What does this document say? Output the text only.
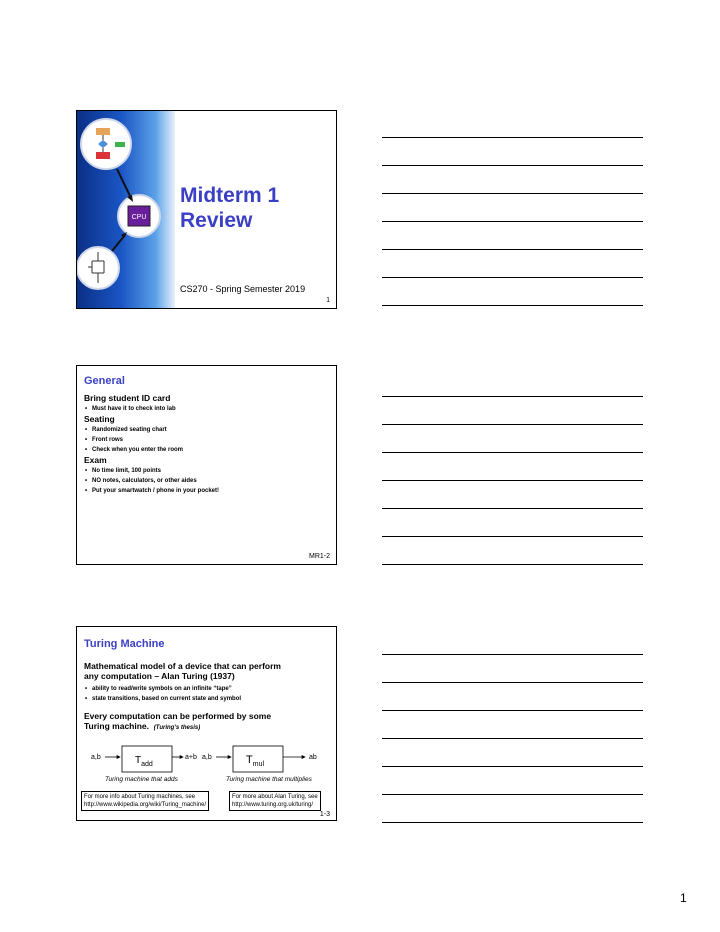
CPU
Midterm 1
Review
CS270 - Spring Semester 2019
1
General
Bring student ID card
• Must have it to check into lab
Seating
• Randomized seating chart
• Front rows
• Check when you enter the room
Exam
• No time limit, 100 points
• NO notes, calculators, or other aides
• Put your smartwatch / phone in your pocket!
MR1-2
Turing Machine
Mathematical model of a device that can perform
any computation – Alan Turing (1937)
• ability to read/write symbols on an infinite “tape”
• state transitions, based on current state and symbol
Every computation can be performed by some
Turing machine. (Turing’s thesis)
a,b	$T_{add}$
a+b a,b	$T_{mul}$
ab
Turing machine that adds	Turing machine that multiplies
For more info about Turing machines, see
http://www.wikipedia.org/wiki/Turing_machine/
For more about Alan Turing, see
http://www.turing.org.uk/turing/
1-3
1
